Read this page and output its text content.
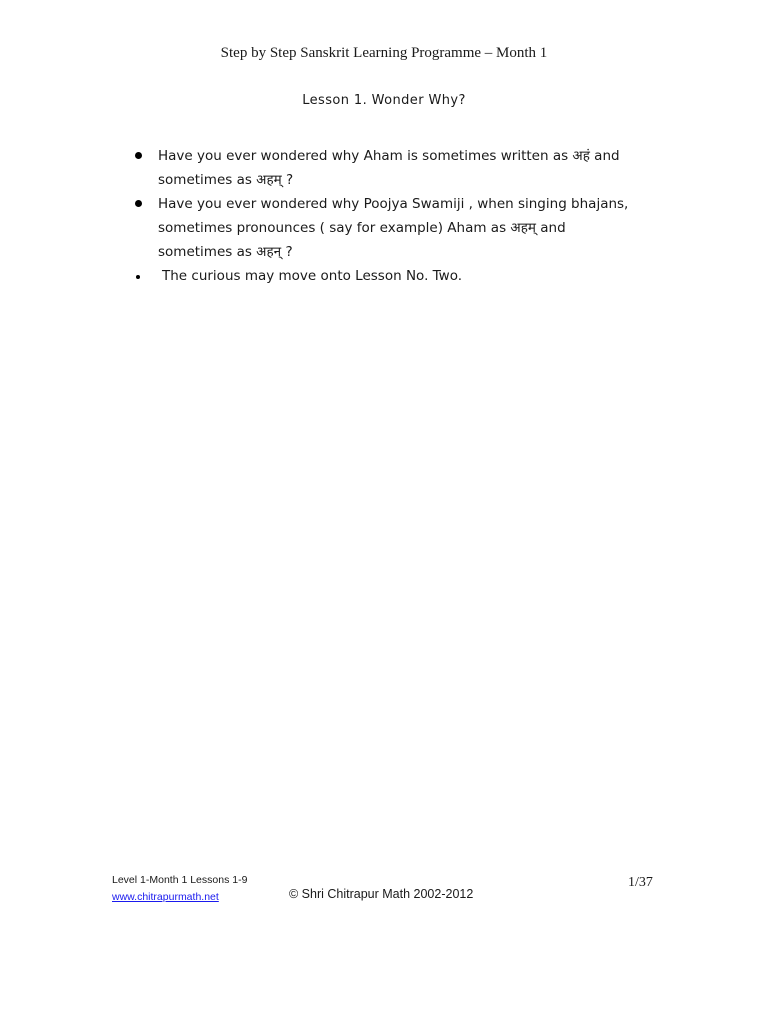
Step by Step Sanskrit Learning Programme – Month 1
Lesson 1. Wonder Why?
Have you ever wondered why Aham is sometimes written as अहं and
sometimes as अहम् ?
Have you ever wondered why Poojya Swamiji , when singing bhajans,
sometimes pronounces ( say for example) Aham as अहम् and
sometimes as अहन् ?
The curious may move onto Lesson No. Two.
Level 1-Month 1 Lessons 1-9
www.chitrapurmath.net	© Shri Chitrapur Math 2002-2012
1/37
